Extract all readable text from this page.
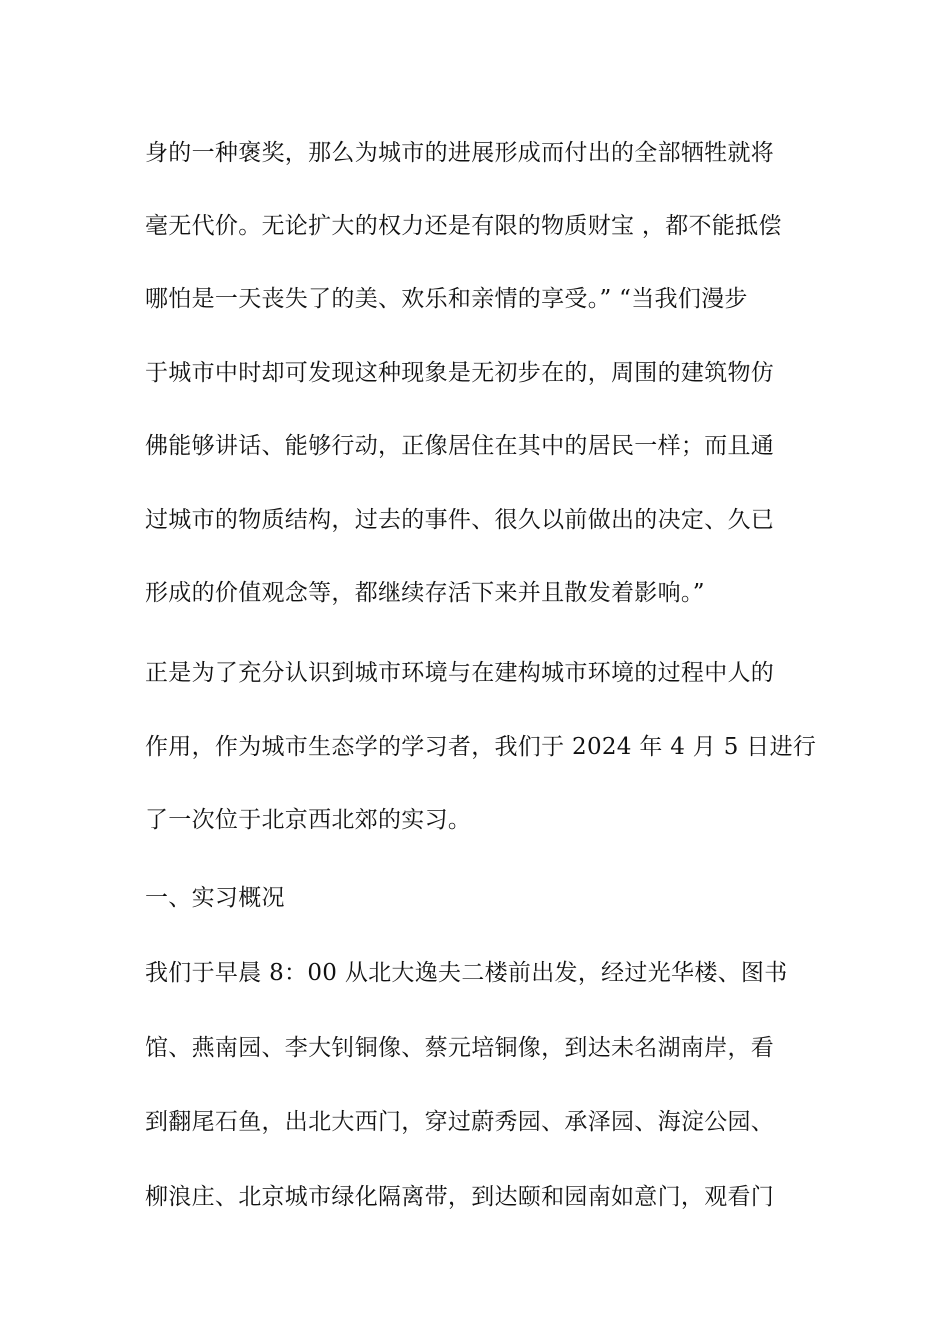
身的一种褒奖，那么为城市的进展形成而付出的全部牺牲就将
毫无代价。无论扩大的权力还是有限的物质财宝 ，都不能抵偿
哪怕是一天丧失了的美、欢乐和亲情的享受。” “当我们漫步
于城市中时却可发现这种现象是无初步在的，周围的建筑物仿
佛能够讲话、能够行动，正像居住在其中的居民一样；而且通
过城市的物质结构，过去的事件、很久以前做出的决定、久已
形成的价值观念等，都继续存活下来并且散发着影响。”
正是为了充分认识到城市环境与在建构城市环境的过程中人的
作用，作为城市生态学的学习者，我们于 2024 年 4 月 5 日进行
了一次位于北京西北郊的实习。
一、实习概况
我们于早晨 8：00 从北大逸夫二楼前出发，经过光华楼、图书
馆、燕南园、李大钊铜像、蔡元培铜像，到达未名湖南岸，看
到翻尾石鱼，出北大西门，穿过蔚秀园、承泽园、海淀公园、
柳浪庄、北京城市绿化隔离带，到达颐和园南如意门，观看门
